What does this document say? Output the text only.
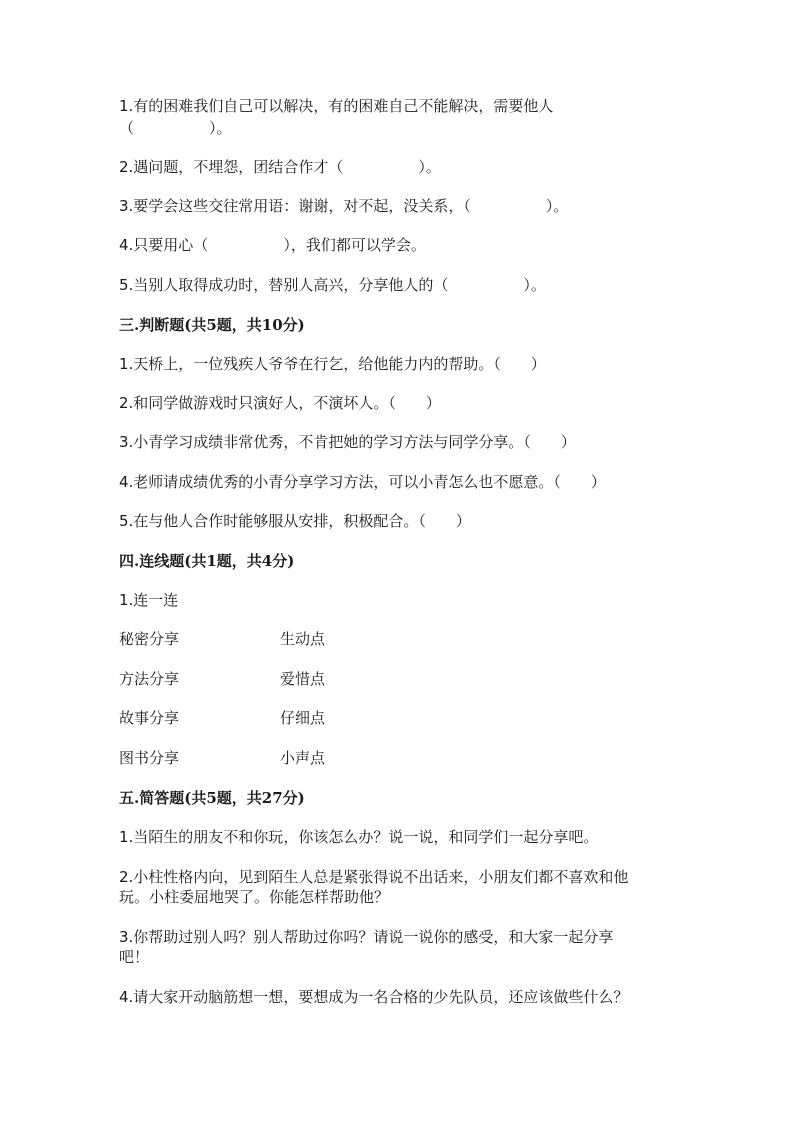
1.有的困难我们自己可以解决，有的困难自己不能解决，需要他人
（　　　　　）。
2.遇问题，不埋怨，团结合作才（　　　　　）。
3.要学会这些交往常用语：谢谢，对不起，没关系，（　　　　　）。
4.只要用心（　　　　　），我们都可以学会。
5.当别人取得成功时，替别人高兴，分享他人的（　　　　　）。
三.判断题(共5题，共10分)
1.天桥上，一位残疾人爷爷在行乞，给他能力内的帮助。（　　）
2.和同学做游戏时只演好人，不演坏人。（　　）
3.小青学习成绩非常优秀，不肯把她的学习方法与同学分享。（　　）
4.老师请成绩优秀的小青分享学习方法，可以小青怎么也不愿意。（　　）
5.在与他人合作时能够服从安排，积极配合。（　　）
四.连线题(共1题，共4分)
1.连一连
秘密分享	生动点
方法分享	爱惜点
故事分享	仔细点
图书分享	小声点
五.简答题(共5题，共27分)
1.当陌生的朋友不和你玩，你该怎么办？说一说，和同学们一起分享吧。
2.小柱性格内向，见到陌生人总是紧张得说不出话来，小朋友们都不喜欢和他
玩。小柱委屈地哭了。你能怎样帮助他？
3.你帮助过别人吗？别人帮助过你吗？请说一说你的感受，和大家一起分享
吧！
4.请大家开动脑筋想一想，要想成为一名合格的少先队员，还应该做些什么？
